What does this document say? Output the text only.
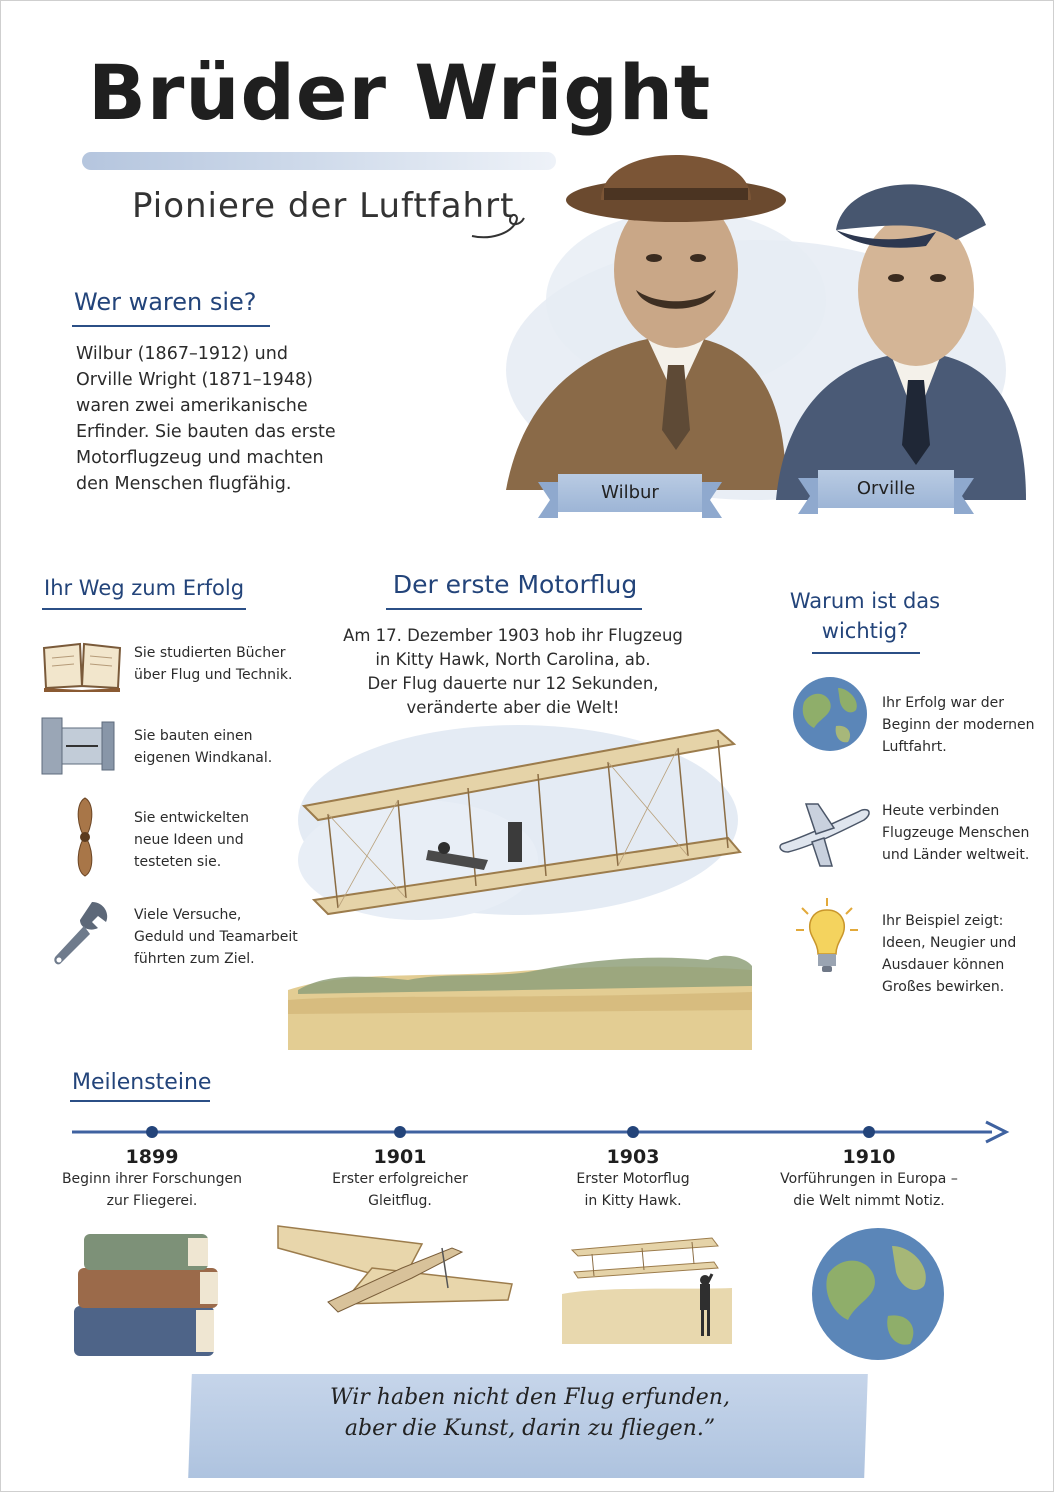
Brüder Wright
Pioniere der Luftfahrt
Wilbur	Orville
Wer waren sie?
Wilbur (1867–1912) und
Orville Wright (1871–1948)
waren zwei amerikanische
Erfinder. Sie bauten das erste
Motorflugzeug und machten
den Menschen flugfähig.
Ihr Weg zum Erfolg
Sie studierten Bücher
über Flug und Technik.
Sie bauten einen
eigenen Windkanal.
Sie entwickelten
neue Ideen und
testeten sie.
Viele Versuche,
Geduld und Teamarbeit
führten zum Ziel.
Der erste Motorflug
Am 17. Dezember 1903 hob ihr Flugzeug
in Kitty Hawk, North Carolina, ab.
Der Flug dauerte nur 12 Sekunden,
veränderte aber die Welt!
Warum ist das
wichtig?
Ihr Erfolg war der
Beginn der modernen
Luftfahrt.
Heute verbinden
Flugzeuge Menschen
und Länder weltweit.
Ihr Beispiel zeigt:
Ideen, Neugier und
Ausdauer können
Großes bewirken.
Meilensteine
1899
Beginn ihrer Forschungen
zur Fliegerei.
1901
Erster erfolgreicher
Gleitflug.
1903
Erster Motorflug
in Kitty Hawk.
1910
Vorführungen in Europa –
die Welt nimmt Notiz.
Wir haben nicht den Flug erfunden,
aber die Kunst, darin zu fliegen.”
